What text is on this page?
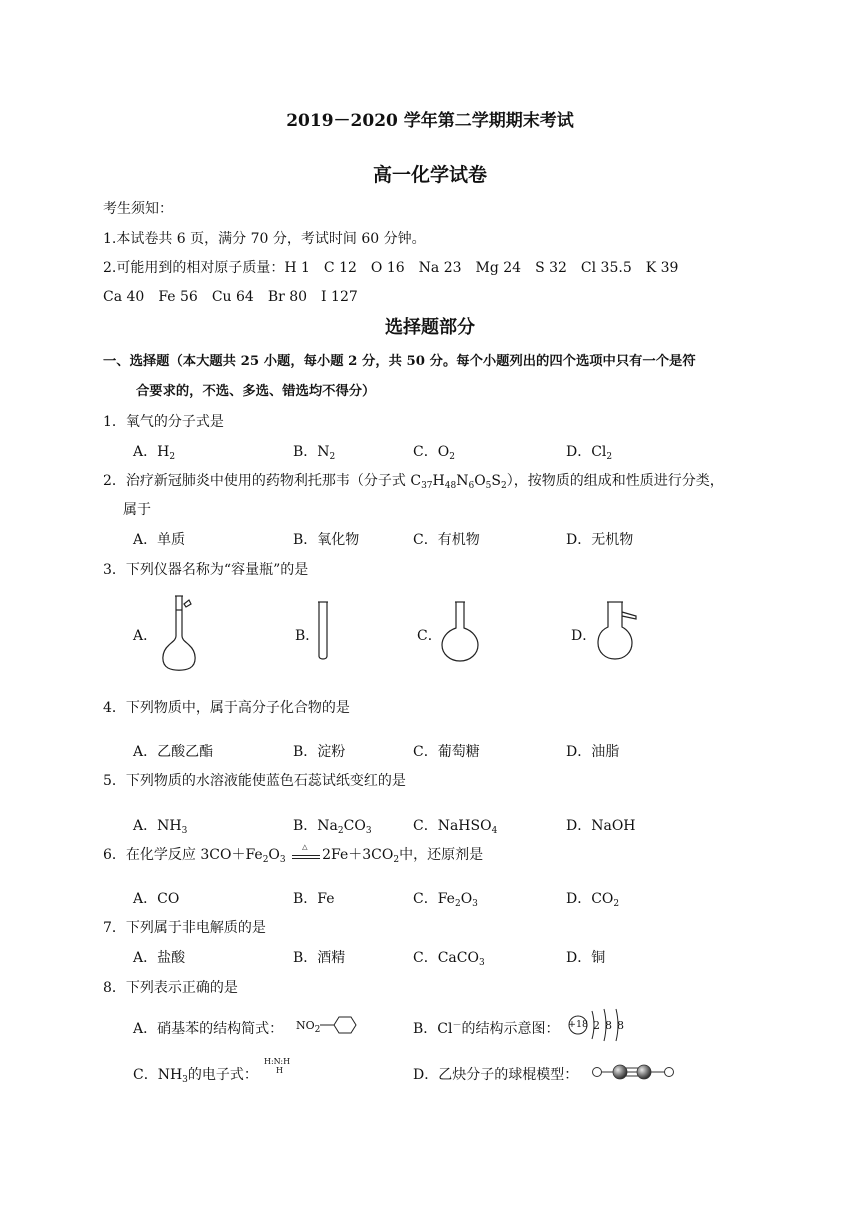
2019－2020 学年第二学期期末考试
高一化学试卷
考生须知：
1.本试卷共 6 页，满分 70 分，考试时间 60 分钟。
2.可能用到的相对原子质量：H 1　C 12　O 16　Na 23　Mg 24　S 32　Cl 35.5　K 39
Ca 40　Fe 56　Cu 64　Br 80　I 127
选择题部分
一、选择题（本大题共 25 小题，每小题 2 分，共 50 分。每个小题列出的四个选项中只有一个是符
合要求的，不选、多选、错选均不得分）
1．氧气的分子式是
A．$H_2$	B．$N_2$	C．$O_2$	D．$Cl_2$
2．治疗新冠肺炎中使用的药物利托那韦（分子式 $C_{37}H_{48}N_6O_5S_2$），按物质的组成和性质进行分类，
属于
A．单质	B．氧化物	C．有机物	D．无机物
3．下列仪器名称为“容量瓶”的是
A．	B．	C．	D．
4．下列物质中，属于高分子化合物的是
A．乙酸乙酯	B．淀粉	C．葡萄糖	D．油脂
5．下列物质的水溶液能使蓝色石蕊试纸变红的是
A．$NH_3$	B．$Na_2CO_3$	C．NaHSO$_4$	D．NaOH
6．在化学反应 $3CO+Fe_2O_3$
△ $2Fe+3CO_2$中，还原剂是
A．CO	B．Fe	C．$Fe_2O_3$	D．$CO_2$
7．下列属于非电解质的是
A．盐酸	B．酒精	C．CaCO$_3$	D．铜
8．下列表示正确的是
A．硝基苯的结构简式： $NO_2$	B．Cl－的结构示意图： +18 2 8 8
C．$NH_3$的电子式：
H:N:H
H	D．乙炔分子的球棍模型：
